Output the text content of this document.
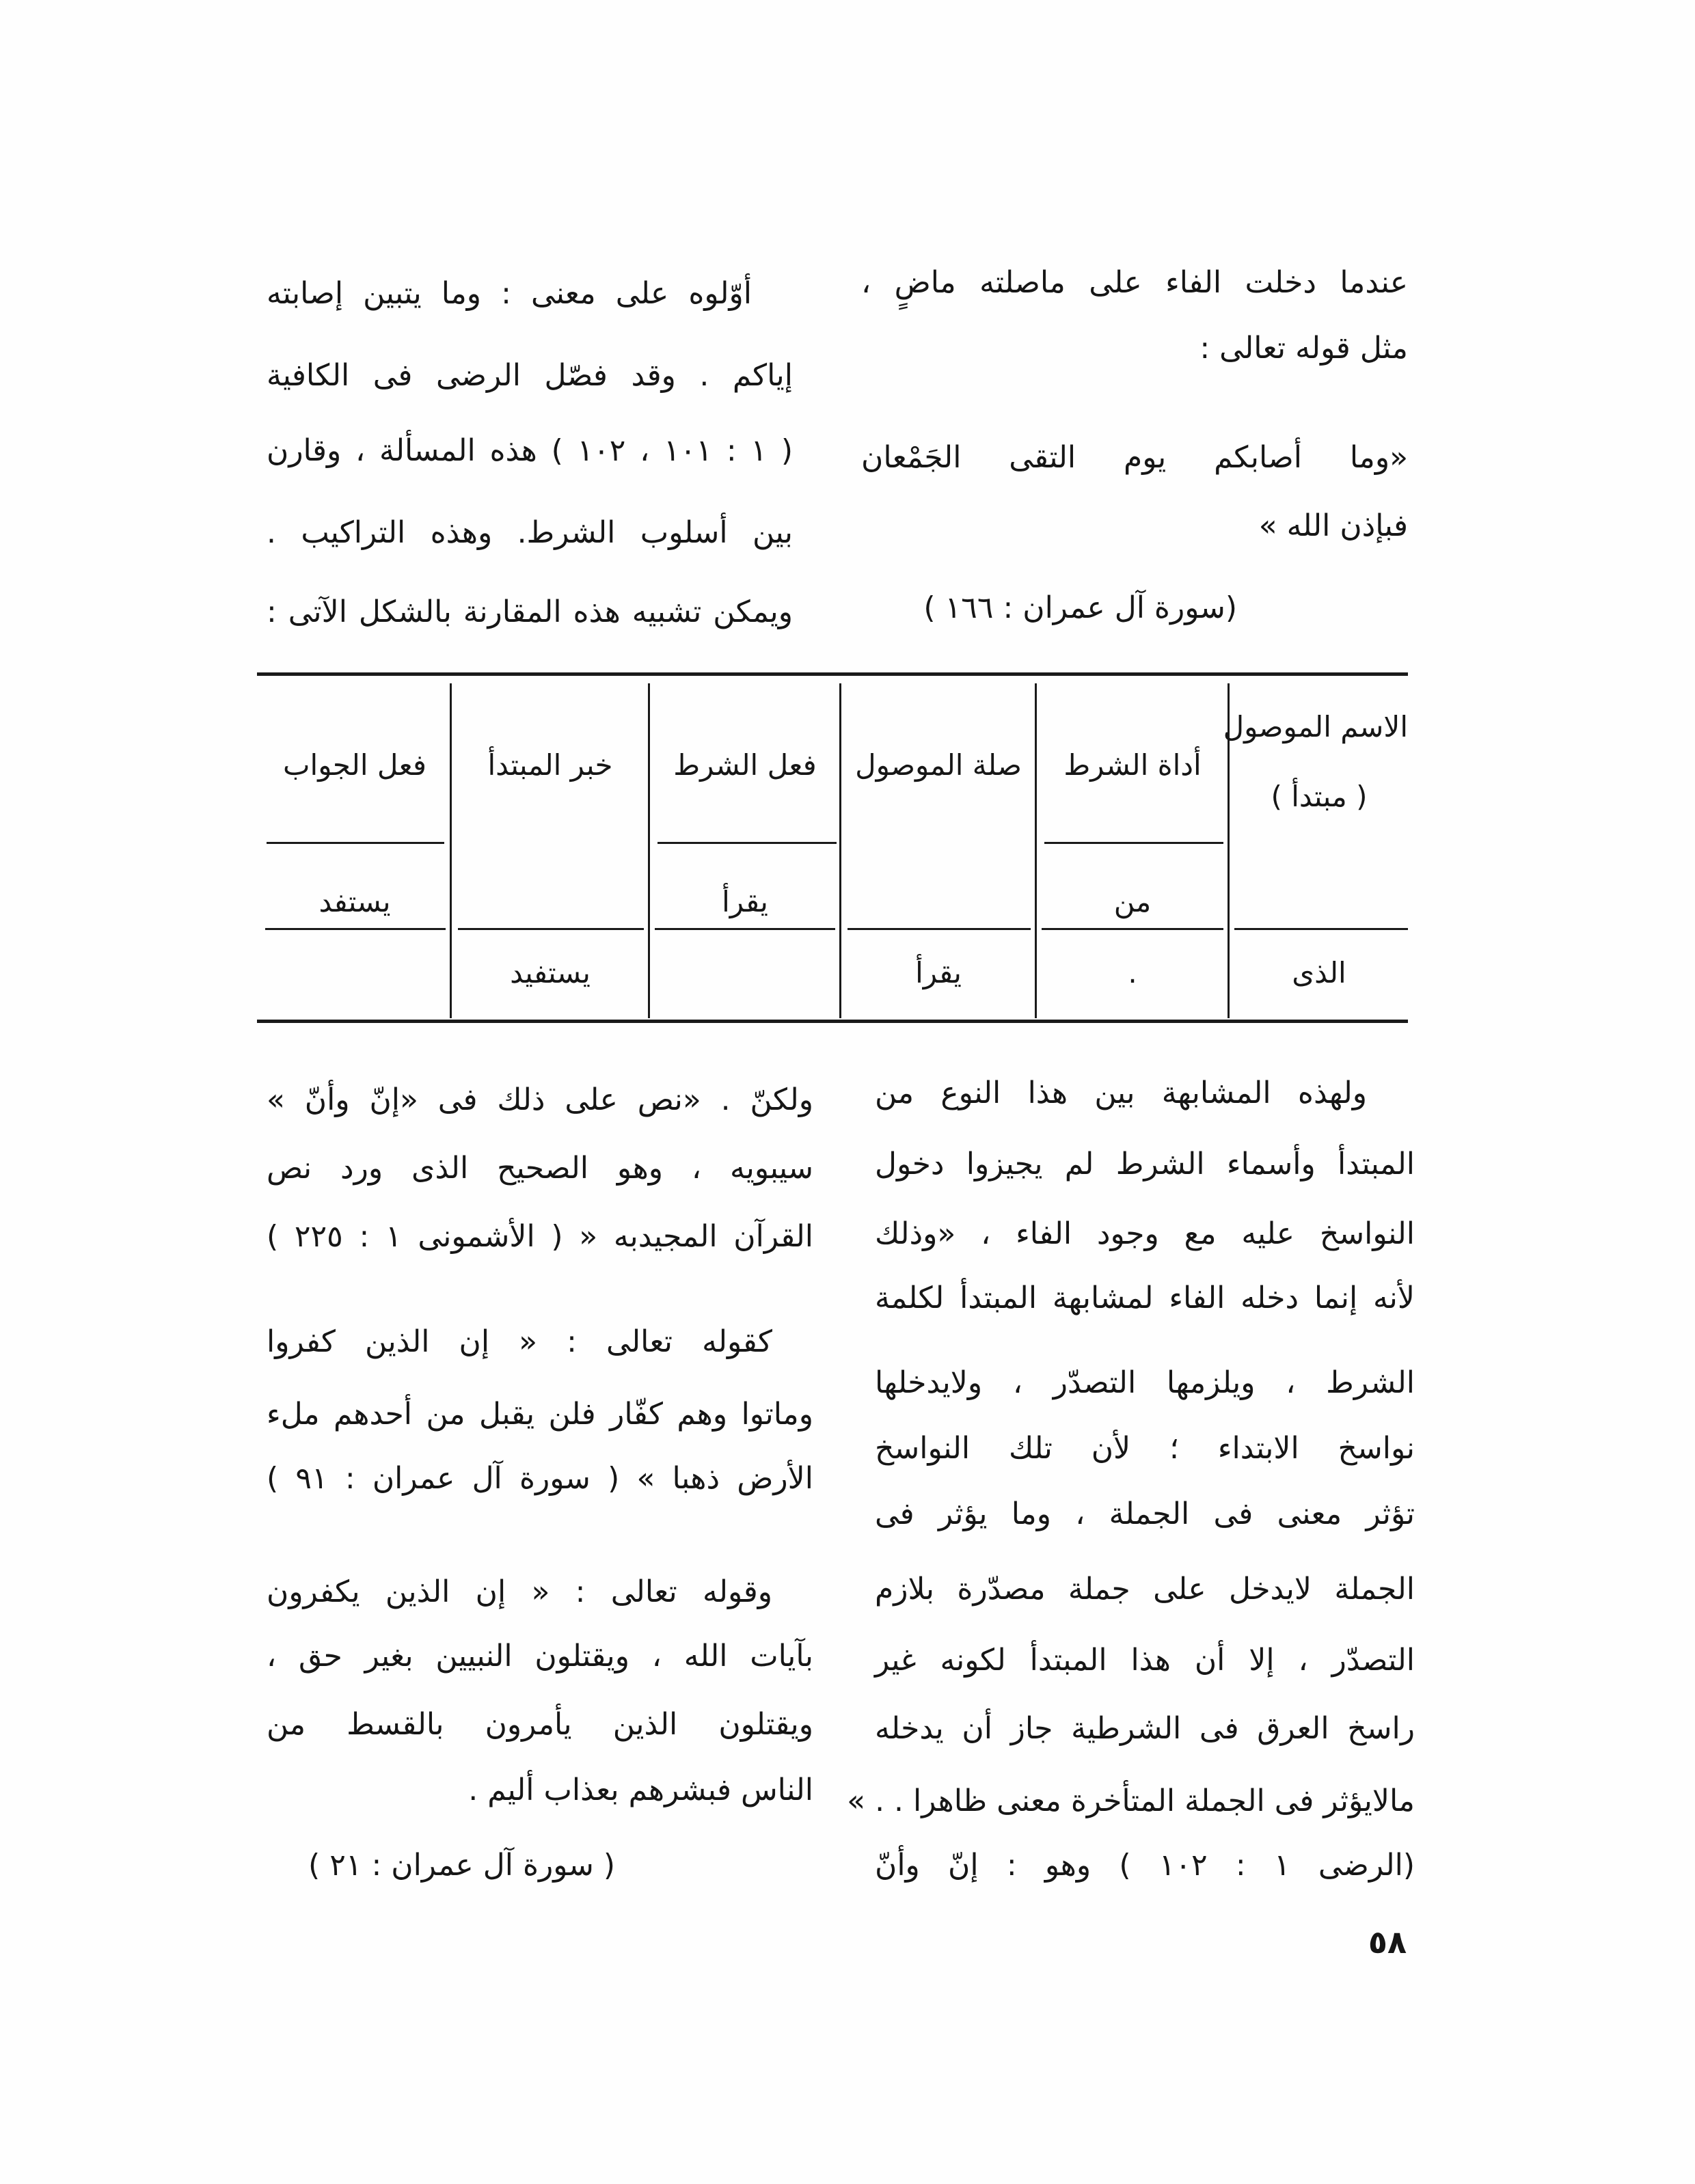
عندما دخلت الفاء على ماصلته ماضٍ ،
مثل قوله تعالى :
«وما أصابكم يوم التقى الجَمْعان
فبإذن الله »
(سورة آل عمران : ١٦٦ )
أوّلوه على معنى : وما يتبين إصابته
إياكم . وقد فصّل الرضى فى الكافية
( ١ : ١٠١ ، ١٠٢ ) هذه المسألة ، وقارن
بين أسلوب الشرط. وهذه التراكيب .
ويمكن تشبيه هذه المقارنة بالشكل الآتى :
الاسم الموصول
( مبتدأ )
أداة الشرط
صلة الموصول
فعل الشرط
خبر المبتدأ
فعل الجواب
من
يقرأ
يستفد
الذى
.
يقرأ
يستفيد
ولهذه المشابهة بين هذا النوع من
المبتدأ وأسماء الشرط لم يجيزوا دخول
النواسخ عليه مع وجود الفاء ، «وذلك
لأنه إنما دخله الفاء لمشابهة المبتدأ لكلمة
الشرط ، ويلزمها التصدّر ، ولايدخلها
نواسخ الابتداء ؛ لأن تلك النواسخ
تؤثر معنى فى الجملة ، وما يؤثر فى
الجملة لايدخل على جملة مصدّرة بلازم
التصدّر ، إلا أن هذا المبتدأ لكونه غير
راسخ العرق فى الشرطية جاز أن يدخله
مالايؤثر فى الجملة المتأخرة معنى ظاهرا . . »
(الرضى ١ : ١٠٢ ) وهو : إنّ وأنّ
ولكنّ . «نص على ذلك فى «إنّ وأنّ »
سيبويه ، وهو الصحيح الذى ورد نص
القرآن المجيدبه « ( الأشمونى ١ : ٢٢٥ )
كقوله تعالى : « إن الذين كفروا
وماتوا وهم كفّار فلن يقبل من أحدهم ملء
الأرض ذهبا » ( سورة آل عمران : ٩١ )
وقوله تعالى : « إن الذين يكفرون
بآيات الله ، ويقتلون النبيين بغير حق ،
ويقتلون الذين يأمرون بالقسط من
الناس فبشرهم بعذاب أليم .
( سورة آل عمران : ٢١ )
٥٨
